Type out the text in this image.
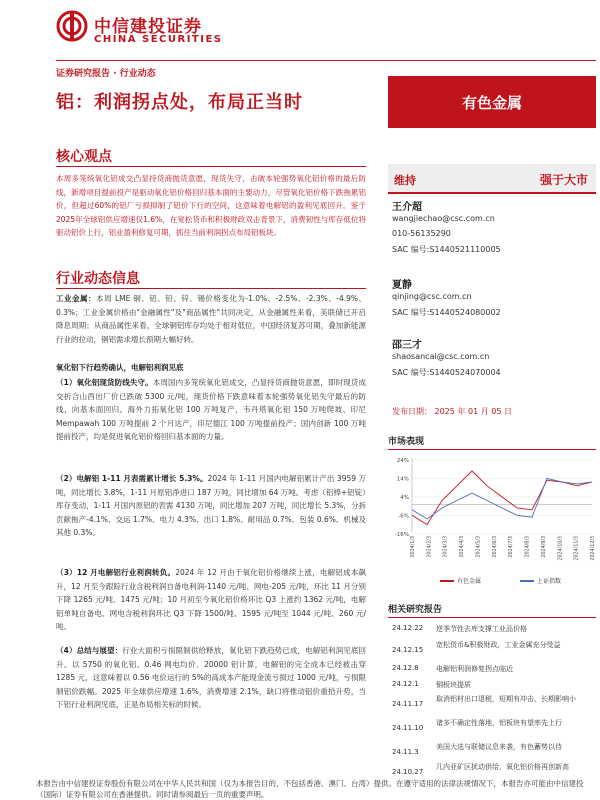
中信建投证券
CHINA SECURITIES
证券研究报告 · 行业动态
铝：利润拐点处，布局正当时	有色金属
核心观点
本周多笼统氧化铝成交凸显持货商抛货意愿，现货失守，击破本轮强势氧化铝价格的最后防线，新增项目提前投产是驱动氧化铝价格回归基本面的主要动力，尽管氧化铝价格下跌拖累铝价，但超过60%的铝厂亏损抑制了铝价下行的空间，这意味着电解铝的盈利见底回升。鉴于2025年全球铝供应增速仅1.6%，在宽松货币和积极财政双击背景下，消费韧性与库存低位将驱动铝价上行，铝业盈利修复可期，抓住当前利润拐点布局铝板块。
行业动态信息
工业金属：本周 LME 铜、铝、铅、锌、锡价格变化为-1.0%、-2.5%、-2.3%、-4.9%、0.3%；工业金属价格由"金融属性"及"商品属性"共同决定，从金融属性来看，美联储已开启降息周期；从商品属性来看，全球铜铝库存均处于相对低位，中国经济复苏可期，叠加新能源行业的拉动，铜铝需求增长预期大幅好转。
氧化铝下行趋势确认，电解铝利润见底
（1）氧化铝现货防线失守。本周国内多笼统氧化铝成交，凸显持货商抛货意愿，即时现货成交折合山西出厂价已跌破 5300 元/吨，现货价格下跌意味着本轮强势氧化铝失守最后的防线，向基本面回归。海外力拓氧化铝 100 万吨复产，韦丹塔氧化铝 150 万吨爬坡、印尼 Mempawah 100 万吨提前 2 个月达产，印尼德江 100 万吨提前投产；国内创新 100 万吨提前投产，均是促进氧化铝价格回归基本面的力量。
（2）电解铝 1-11 月表需累计增长 5.3%。2024 年 1-11 月国内电解铝累计产出 3959 万吨，同比增长 3.8%，1-11 月原铝净进口 187 万吨，同比增加 64 万吨。考虑（铝棒+铝锭）库存变动，1-11 月国内原铝的表需 4130 万吨，同比增加 207 万吨，同比增长 5.3%，分拆贡献拖产-4.1%、交运 1.7%、电力 4.3%、出口 1.8%、耐用品 0.7%、包装 0.6%、机械及其他 0.3%。
（3）12 月电解铝行业利润转负。2024 年 12 月由于氧化铝价格继续上涨，电解铝成本飙升，12 月至今跟踪行业含税利润自备电利润-1140 元/吨、网电-205 元/吨，环比 11 月分别下降 1265 元/吨、1475 元/吨；10 月初至今氧化铝价格环比 Q3 上涨约 1362 元/吨，电解铝单吨自备电、网电含税利润环比 Q3 下降 1500/吨、1595 元/吨至 1044 元/吨、260 元/吨。
（4）总结与展望：行业大面积亏损限制供给释放，氧化铝下跌趋势已成，电解铝利润见底回升。以 5750 的氧化铝、0.46 网电均价、20000 铝计算，电解铝的完全成本已经被击穿 1285 元，这意味着以 0.56 电价运行的 5%的高成本产能现金流亏损过 1000 元/吨，亏损限制铝价跌幅。2025 年全球供应增速 1.6%，消费增速 2.1%，缺口将推动铝价重拾升势，当下铝行业利润见底，正是布局相关标的时候。
维持	强于大市
王介超
wangjiechao@csc.com.cn
010-56135290
SAC 编号:S1440521110005
夏静
qinjing@csc.com.cn
SAC 编号:S1440524080002
邵三才
shaosancai@csc.com.cn
SAC 编号:S1440524070004
发布日期： 2025 年 01 月 05 日
市场表现
24%
14%
4%
-6%
-16%
2024/1/3 2024/2/3 2024/3/3 2024/4/3 2024/5/3 2024/6/3 2024/7/3 2024/8/3 2024/9/3 2024/10/3 2024/11/3 2024/12/3
有色金属	上证指数
相关研究报告
24.12.22 逆季节性去库支撑工业品价格
24.12.15
宽松货币&积极财政，工业金属充分受益
24.12.8 电解铝利润修复拐点临近
24.12.1 铜板块提质
24.11.17
取消铝材出口退税，短期有冲击，长期影响小
24.11.10
诸多不确定性落地，铝板块有望率先上行
24.11.3
美国大选与联储议息来袭，有色蓄势以待
24.10.27
几内亚矿区扰动供给，氧化铝价格再创新高
本报告由中信建投证券股份有限公司在中华人民共和国（仅为本报告目的，不包括香港、澳门、台湾）提供。在遵守适用的法律法规情况下，本报告亦可能由中信建投（国际）证券有限公司在香港提供。同时请参阅最后一页的重要声明。
